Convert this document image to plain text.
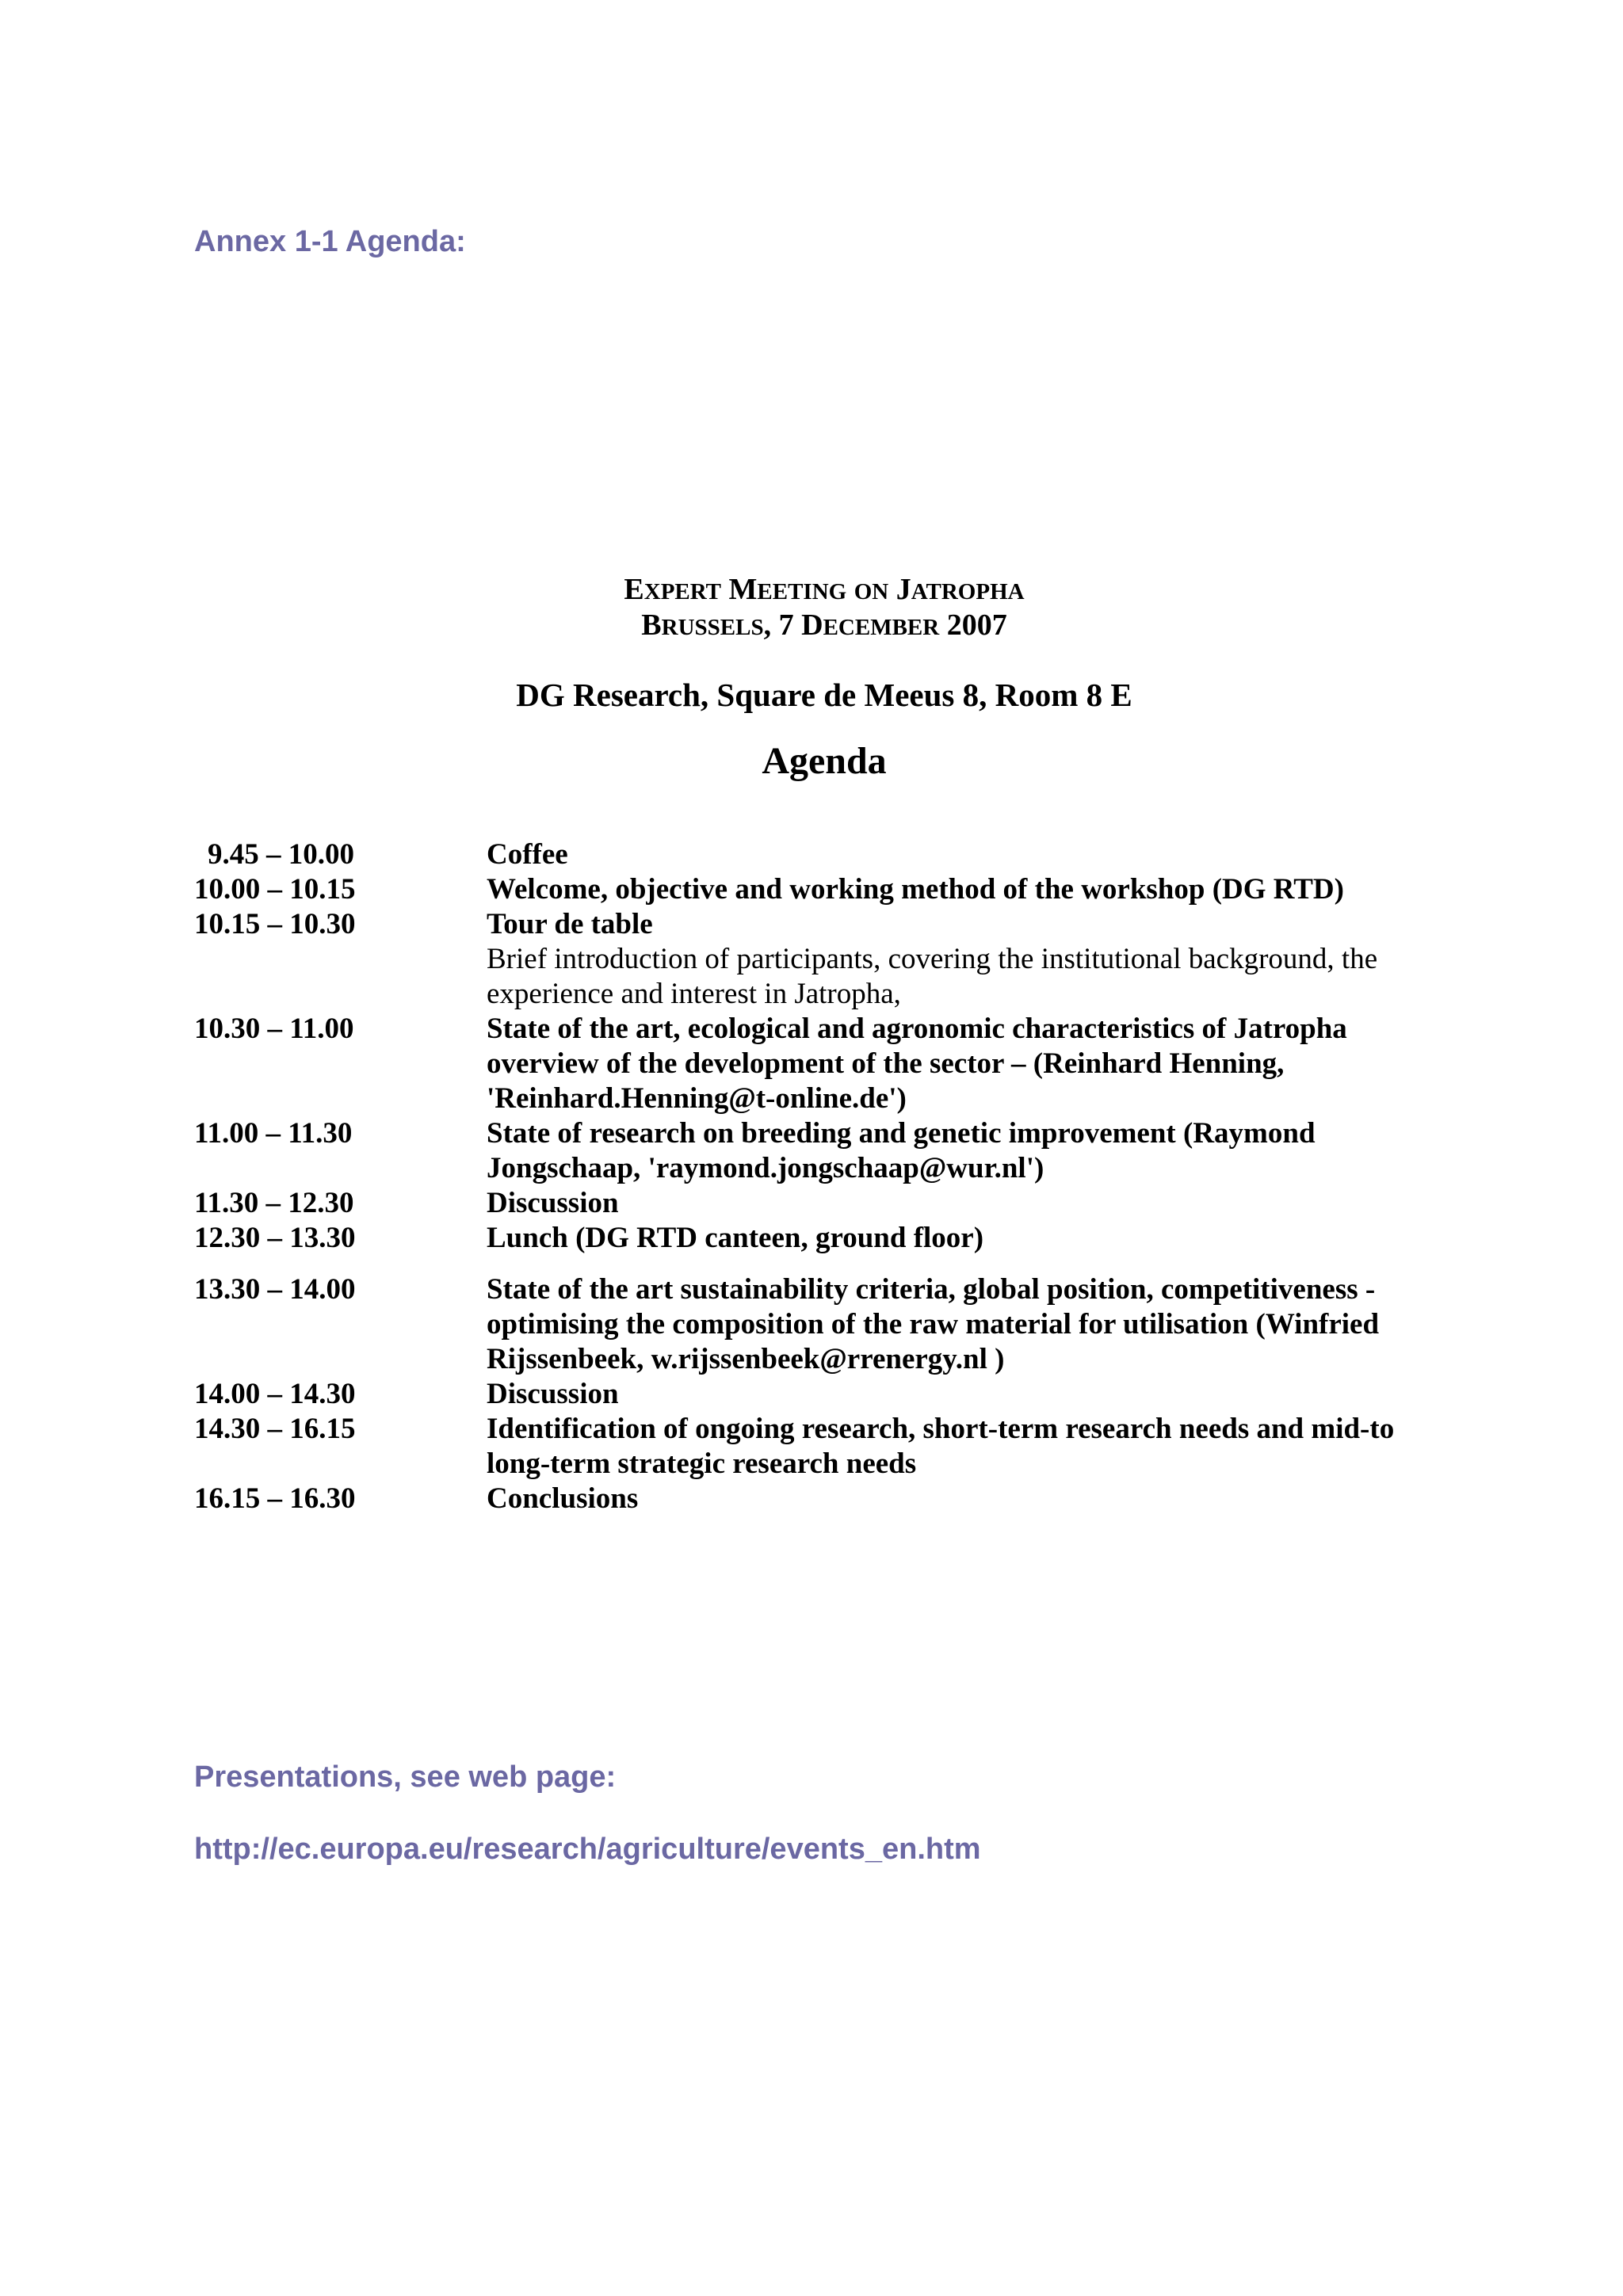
Annex 1-1 Agenda:
EXPERT MEETING ON JATROPHA
BRUSSELS, 7 DECEMBER 2007
DG Research, Square de Meeus 8, Room 8 E
Agenda
9.45 – 10.00	Coffee
10.00 – 10.15	Welcome, objective and working method of the workshop (DG RTD)
10.15 – 10.30	Tour de table
Brief introduction of participants, covering the institutional background, the experience and interest in Jatropha,
10.30 – 11.00	State of the art, ecological and agronomic characteristics of Jatropha overview of the development of the sector – (Reinhard Henning, 'Reinhard.Henning@t-online.de')
11.00 – 11.30	State of research on breeding and genetic improvement (Raymond Jongschaap, 'raymond.jongschaap@wur.nl')
11.30 – 12.30	Discussion
12.30 – 13.30	Lunch (DG RTD canteen, ground floor)
13.30 – 14.00	State of the art sustainability criteria, global position, competitiveness - optimising the composition of the raw material for utilisation (Winfried Rijssenbeek, w.rijssenbeek@rrenergy.nl )
14.00 – 14.30	Discussion
14.30 – 16.15	Identification of ongoing research, short-term research needs and mid-to long-term strategic research needs
16.15 – 16.30	Conclusions
Presentations, see web page:
http://ec.europa.eu/research/agriculture/events_en.htm
